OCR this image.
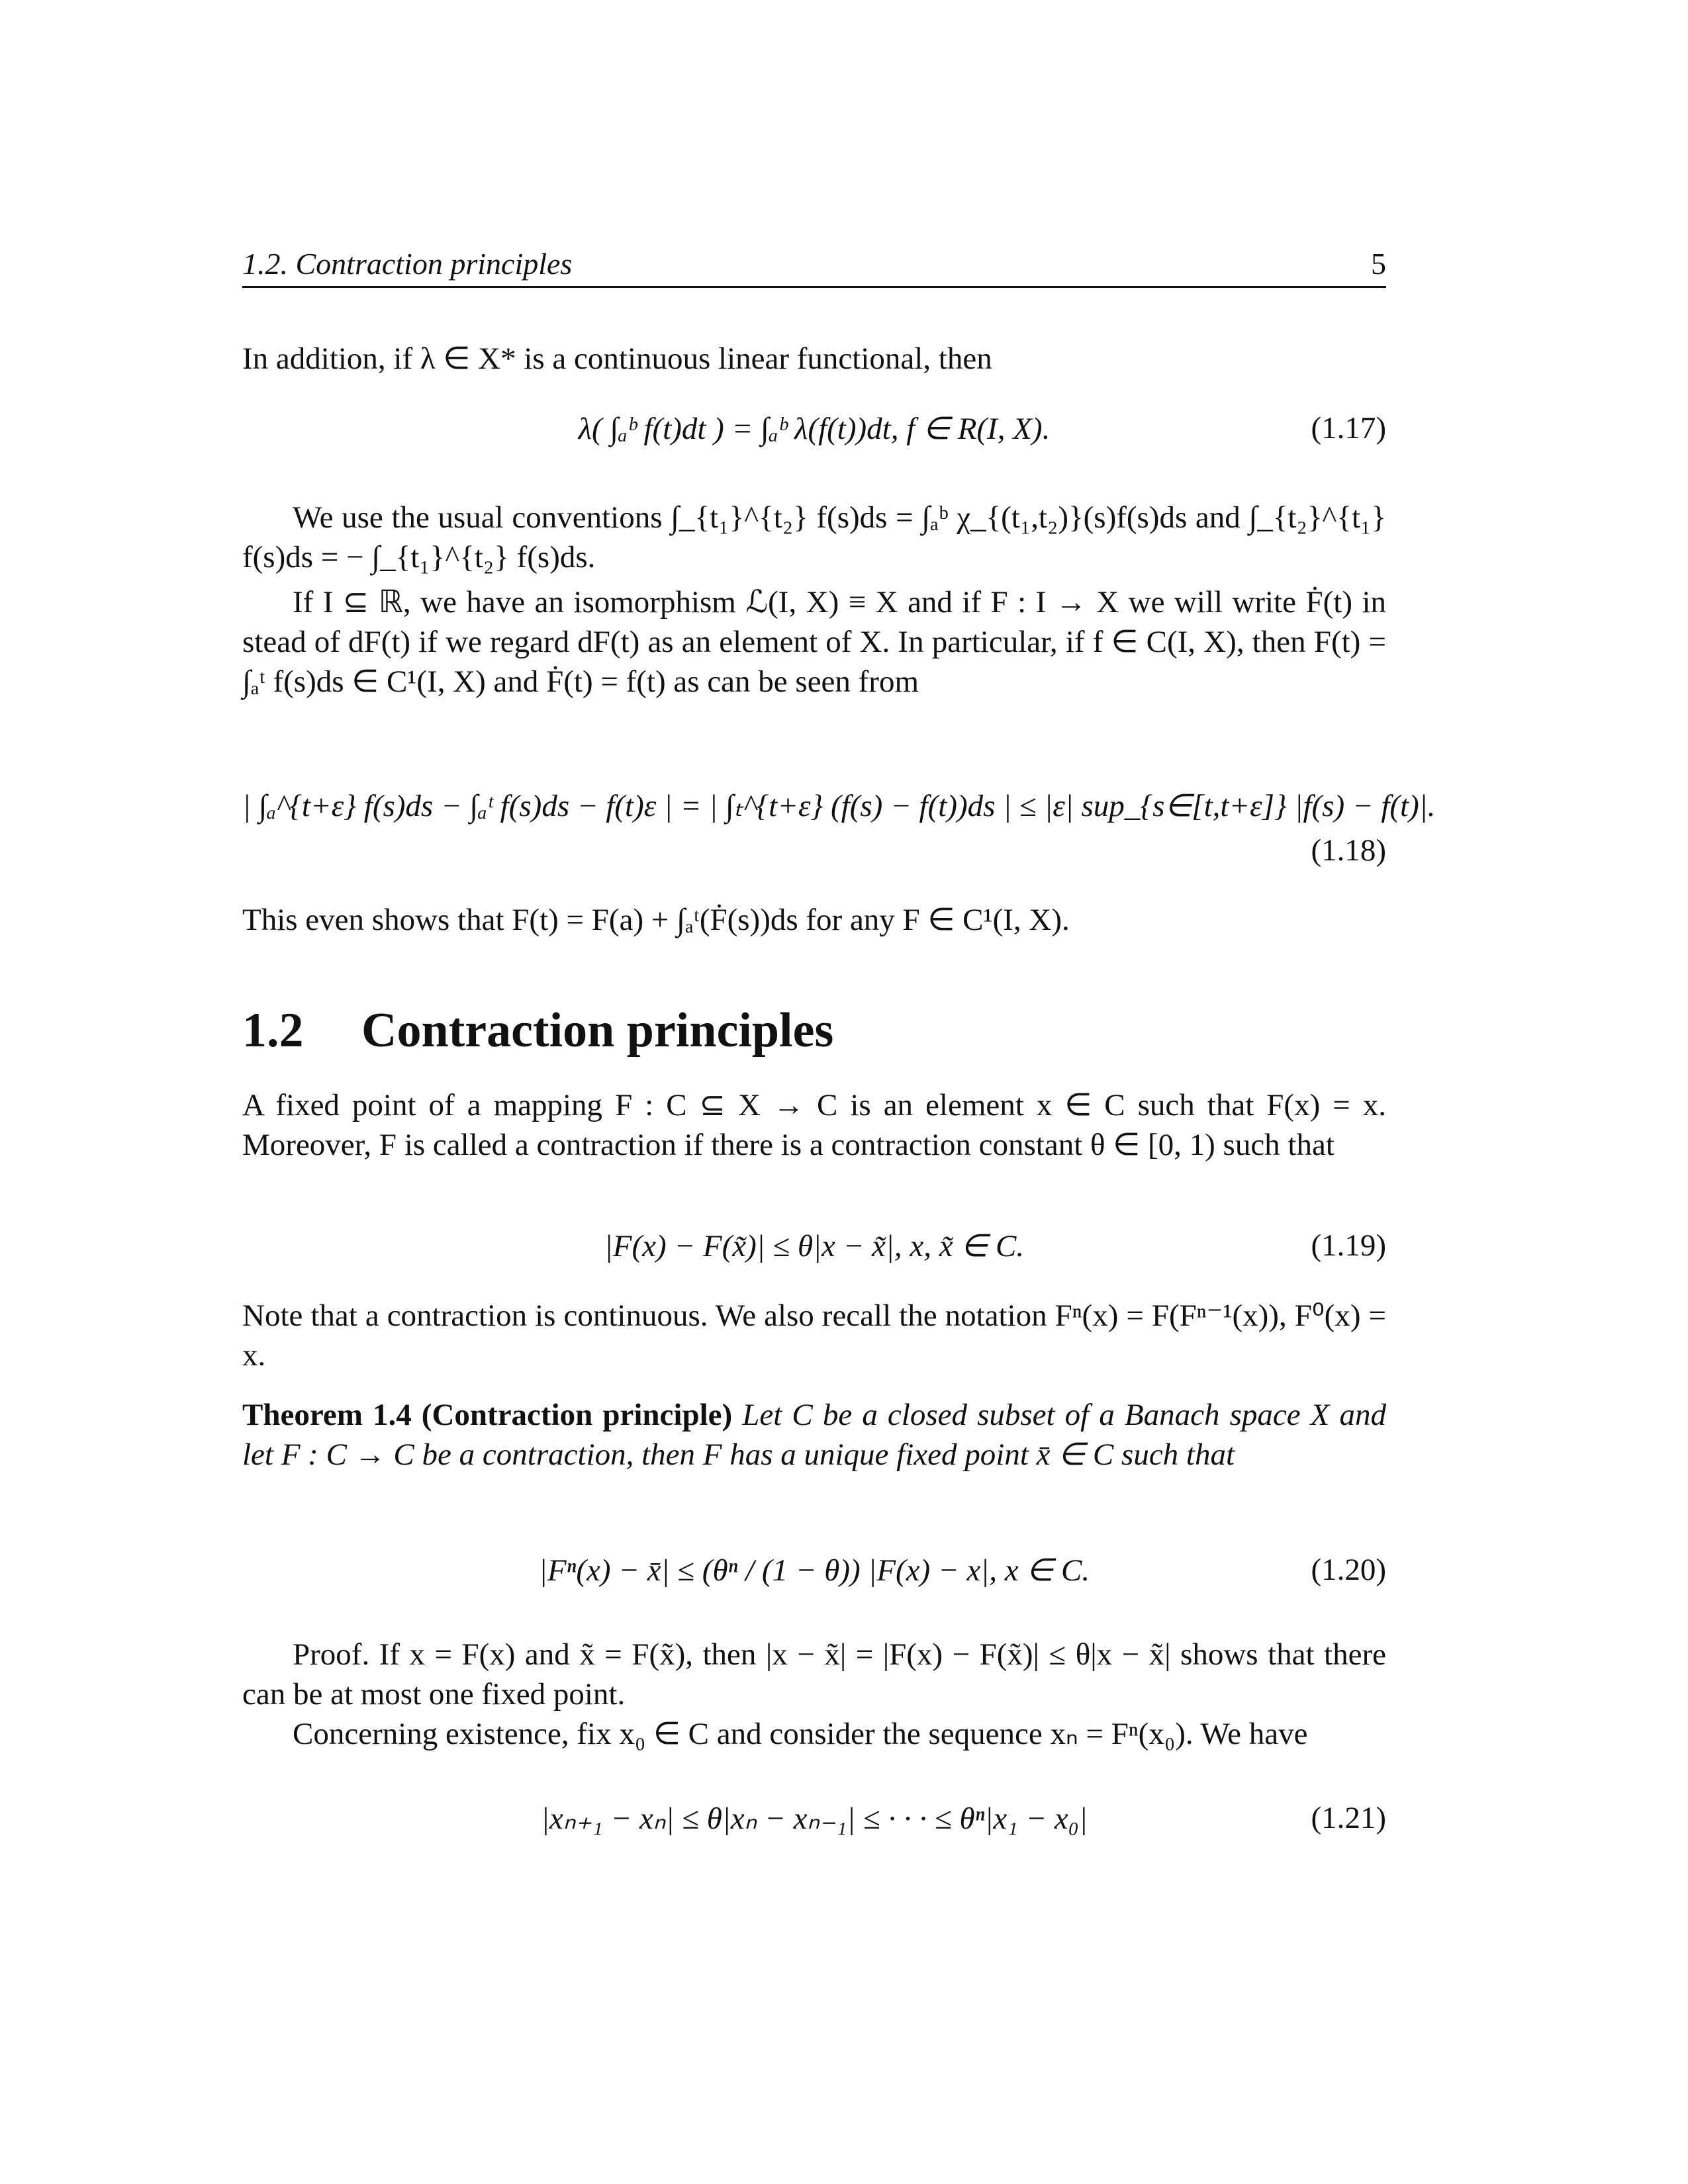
1.2. Contraction principles	5
In addition, if λ ∈ X* is a continuous linear functional, then
λ( ∫ₐᵇ f(t)dt ) = ∫ₐᵇ λ(f(t))dt, f ∈ R(I, X).	(1.17)
We use the usual conventions ∫_{t₁}^{t₂} f(s)ds = ∫ₐᵇ χ_{(t₁,t₂)}(s)f(s)ds and ∫_{t₂}^{t₁} f(s)ds = − ∫_{t₁}^{t₂} f(s)ds.
If I ⊆ ℝ, we have an isomorphism ℒ(I, X) ≡ X and if F : I → X we will write Ḟ(t) in stead of dF(t) if we regard dF(t) as an element of X. In particular, if f ∈ C(I, X), then F(t) = ∫ₐᵗ f(s)ds ∈ C¹(I, X) and Ḟ(t) = f(t) as can be seen from
| ∫ₐ^{t+ε} f(s)ds − ∫ₐᵗ f(s)ds − f(t)ε | = | ∫ₜ^{t+ε} (f(s) − f(t))ds | ≤ |ε| sup_{s∈[t,t+ε]} |f(s) − f(t)|.
(1.18)
This even shows that F(t) = F(a) + ∫ₐᵗ(Ḟ(s))ds for any F ∈ C¹(I, X).
1.2 Contraction principles
A fixed point of a mapping F : C ⊆ X → C is an element x ∈ C such that F(x) = x. Moreover, F is called a contraction if there is a contraction constant θ ∈ [0, 1) such that
|F(x) − F(x̃)| ≤ θ|x − x̃|, x, x̃ ∈ C.	(1.19)
Note that a contraction is continuous. We also recall the notation Fⁿ(x) = F(Fⁿ⁻¹(x)), F⁰(x) = x.
Theorem 1.4 (Contraction principle) Let C be a closed subset of a Banach space X and let F : C → C be a contraction, then F has a unique fixed point x̄ ∈ C such that
|Fⁿ(x) − x̄| ≤ (θⁿ / (1 − θ)) |F(x) − x|, x ∈ C.	(1.20)
Proof. If x = F(x) and x̃ = F(x̃), then |x − x̃| = |F(x) − F(x̃)| ≤ θ|x − x̃| shows that there can be at most one fixed point.
Concerning existence, fix x₀ ∈ C and consider the sequence xₙ = Fⁿ(x₀). We have
|xₙ₊₁ − xₙ| ≤ θ|xₙ − xₙ₋₁| ≤ · · · ≤ θⁿ|x₁ − x₀|	(1.21)
